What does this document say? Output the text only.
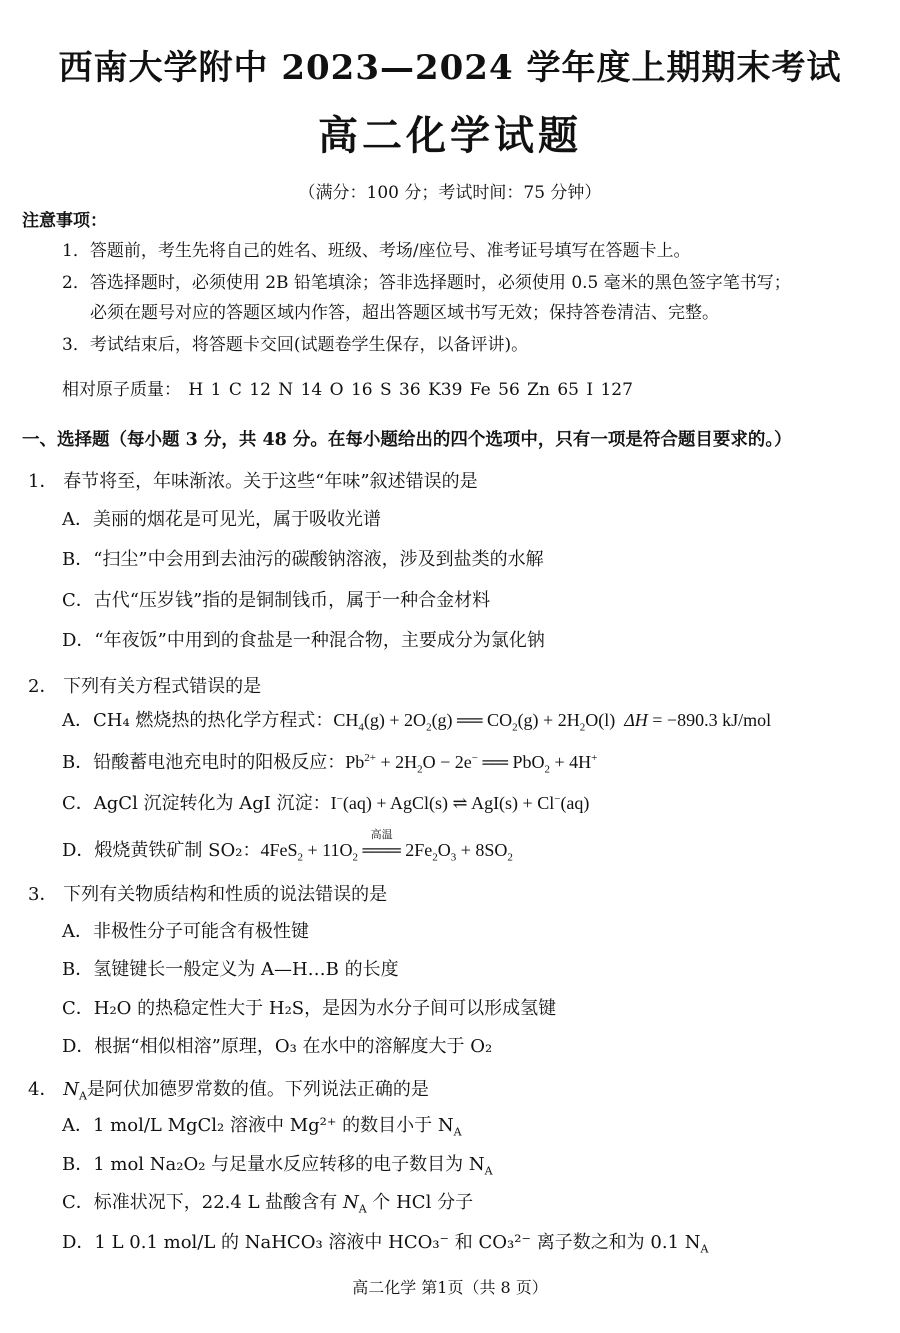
西南大学附中 2023—2024 学年度上期期末考试
高二化学试题
（满分：100 分；考试时间：75 分钟）
注意事项：
1．答题前，考生先将自己的姓名、班级、考场/座位号、准考证号填写在答题卡上。
2．答选择题时，必须使用 2B 铅笔填涂；答非选择题时，必须使用 0.5 毫米的黑色签字笔书写；
必须在题号对应的答题区域内作答，超出答题区域书写无效；保持答卷清洁、完整。
3．考试结束后，将答题卡交回(试题卷学生保存，以备评讲)。
相对原子质量： H 1 C 12 N 14 O 16 S 36 K39 Fe 56 Zn 65 I 127
一、选择题（每小题 3 分，共 48 分。在每小题给出的四个选项中，只有一项是符合题目要求的。）
1． 春节将至，年味渐浓。关于这些“年味”叙述错误的是
A．美丽的烟花是可见光，属于吸收光谱
B．“扫尘”中会用到去油污的碳酸钠溶液，涉及到盐类的水解
C．古代“压岁钱”指的是铜制钱币，属于一种合金材料
D．“年夜饭”中用到的食盐是一种混合物，主要成分为氯化钠
2． 下列有关方程式错误的是
A．CH₄ 燃烧热的热化学方程式：$CH_4(g) + 2O_2(g)$ ══ $CO_2(g) + 2H_2O(l) \Delta H = -890.3$ kJ/mol
B．铅酸蓄电池充电时的阳极反应：$Pb^{2+} + 2H_2O - 2e^-$ ══ PbO$_2$ + 4H+
C．AgCl 沉淀转化为 AgI 沉淀：I−(aq) + AgCl(s) ⇌ AgI(s) + Cl−(aq)
D．煅烧黄铁矿制 SO₂：$4FeS_2 + 11O_2$
高温
═══ $2Fe_2O_3 + 8SO_2$
3． 下列有关物质结构和性质的说法错误的是
A．非极性分子可能含有极性键
B．氢键键长一般定义为 A—H…B 的长度
C．H₂O 的热稳定性大于 H₂S，是因为水分子间可以形成氢键
D．根据“相似相溶”原理，O₃ 在水中的溶解度大于 O₂
4． $N_A$是阿伏加德罗常数的值。下列说法正确的是
A．1 mol/L MgCl₂ 溶液中 Mg²⁺ 的数目小于 $N_A$
B．1 mol Na₂O₂ 与足量水反应转移的电子数目为 $N_A$
C．标准状况下，22.4 L 盐酸含有 $N_A$ 个 HCl 分子
D．1 L 0.1 mol/L 的 NaHCO₃ 溶液中 HCO₃⁻ 和 CO₃²⁻ 离子数之和为 0.1 $N_A$
高二化学 第1页（共 8 页）
